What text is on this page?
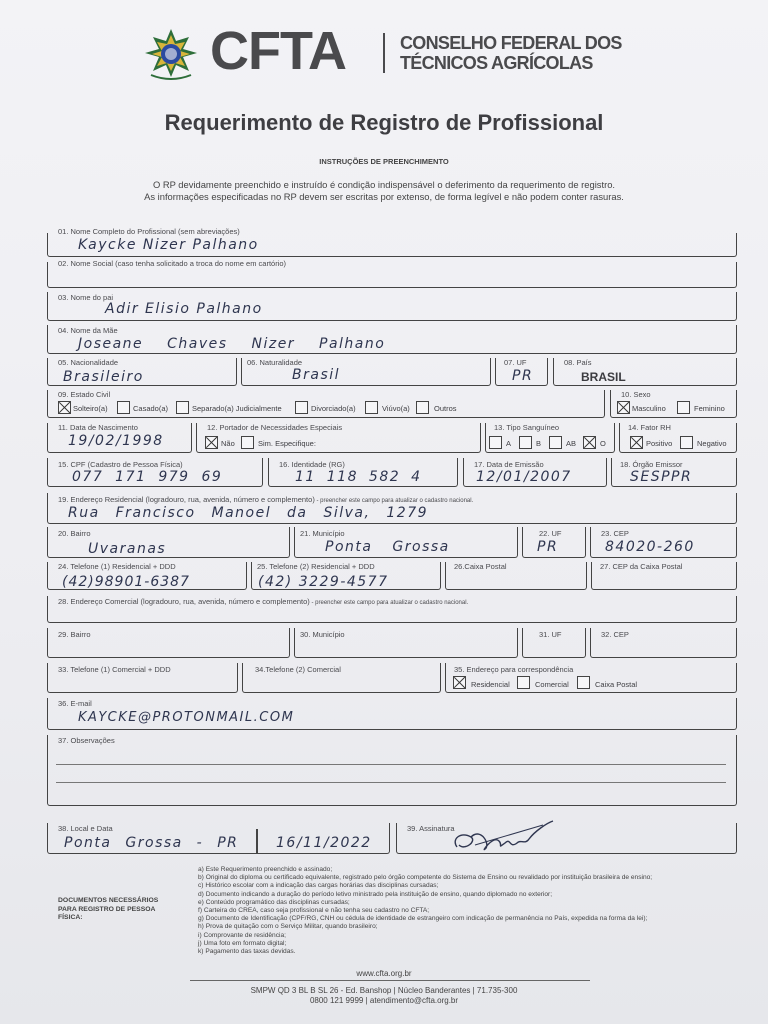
CFTA	CONSELHO FEDERAL DOS
TÉCNICOS AGRÍCOLAS
Requerimento de Registro de Profissional
INSTRUÇÕES DE PREENCHIMENTO
O RP devidamente preenchido e instruído é condição indispensável o deferimento da requerimento de registro.
As informações especificadas no RP devem ser escritas por extenso, de forma legível e não podem conter rasuras.
01. Nome Completo do Profissional (sem abreviações)
Kaycke Nizer Palhano
02. Nome Social (caso tenha solicitado a troca do nome em cartório)
03. Nome do pai
Adir Elisio Palhano
04. Nome da Mãe
Joseane Chaves Nizer Palhano
05. Nacionalidade
Brasileiro
06. Naturalidade
Brasil
07. UF
PR
08. País
BRASIL
09. Estado Civil
Solteiro(a)	Casado(a)	Separado(a) Judicialmente	Divorciado(a)	Viúvo(a)	Outros
10. Sexo
Masculino	Feminino
11. Data de Nascimento
19/02/1998
12. Portador de Necessidades Especiais
Não	Sim. Especifique:
13. Tipo Sanguíneo
A	B	AB	O
14. Fator RH
Positivo	Negativo
15. CPF (Cadastro de Pessoa Física)
077 171 979 69
16. Identidade (RG)
11 118 582 4
17. Data de Emissão
12/01/2007
18. Órgão Emissor
SESPPR
19. Endereço Residencial (logradouro, rua, avenida, número e complemento) - preencher este campo para atualizar o cadastro nacional.
Rua Francisco Manoel da Silva, 1279
20. Bairro
Uvaranas
21. Município
Ponta Grossa
22. UF
PR
23. CEP
84020-260
24. Telefone (1) Residencial + DDD
(42)98901-6387
25. Telefone (2) Residencial + DDD
(42) 3229-4577
26.Caixa Postal	27. CEP da Caixa Postal
28. Endereço Comercial (logradouro, rua, avenida, número e complemento) - preencher este campo para atualizar o cadastro nacional.
29. Bairro	30. Município	31. UF	32. CEP
33. Telefone (1) Comercial + DDD	34.Telefone (2) Comercial	35. Endereço para correspondência
Residencial	Comercial	Caixa Postal
36. E-mail
KAYCKE@PROTONMAIL.COM
37. Observações
38. Local e Data
Ponta Grossa - PR	16/11/2022
39. Assinatura
DOCUMENTOS NECESSÁRIOS PARA REGISTRO DE PESSOA FÍSICA:
a) Este Requerimento preenchido e assinado;
b) Original do diploma ou certificado equivalente, registrado pelo órgão competente do Sistema de Ensino ou revalidado por instituição brasileira de ensino;
c) Histórico escolar com a indicação das cargas horárias das disciplinas cursadas;
d) Documento indicando a duração do período letivo ministrado pela instituição de ensino, quando diplomado no exterior;
e) Conteúdo programático das disciplinas cursadas;
f) Carteira do CREA, caso seja profissional e não tenha seu cadastro no CFTA;
g) Documento de Identificação (CPF/RG, CNH ou cédula de identidade de estrangeiro com indicação de permanência no País, expedida na forma da lei);
h) Prova de quitação com o Serviço Militar, quando brasileiro;
i) Comprovante de residência;
j) Uma foto em formato digital;
k) Pagamento das taxas devidas.
www.cfta.org.br
SMPW QD 3 BL B SL 26 - Ed. Banshop | Núcleo Banderantes | 71.735-300
0800 121 9999 | atendimento@cfta.org.br
